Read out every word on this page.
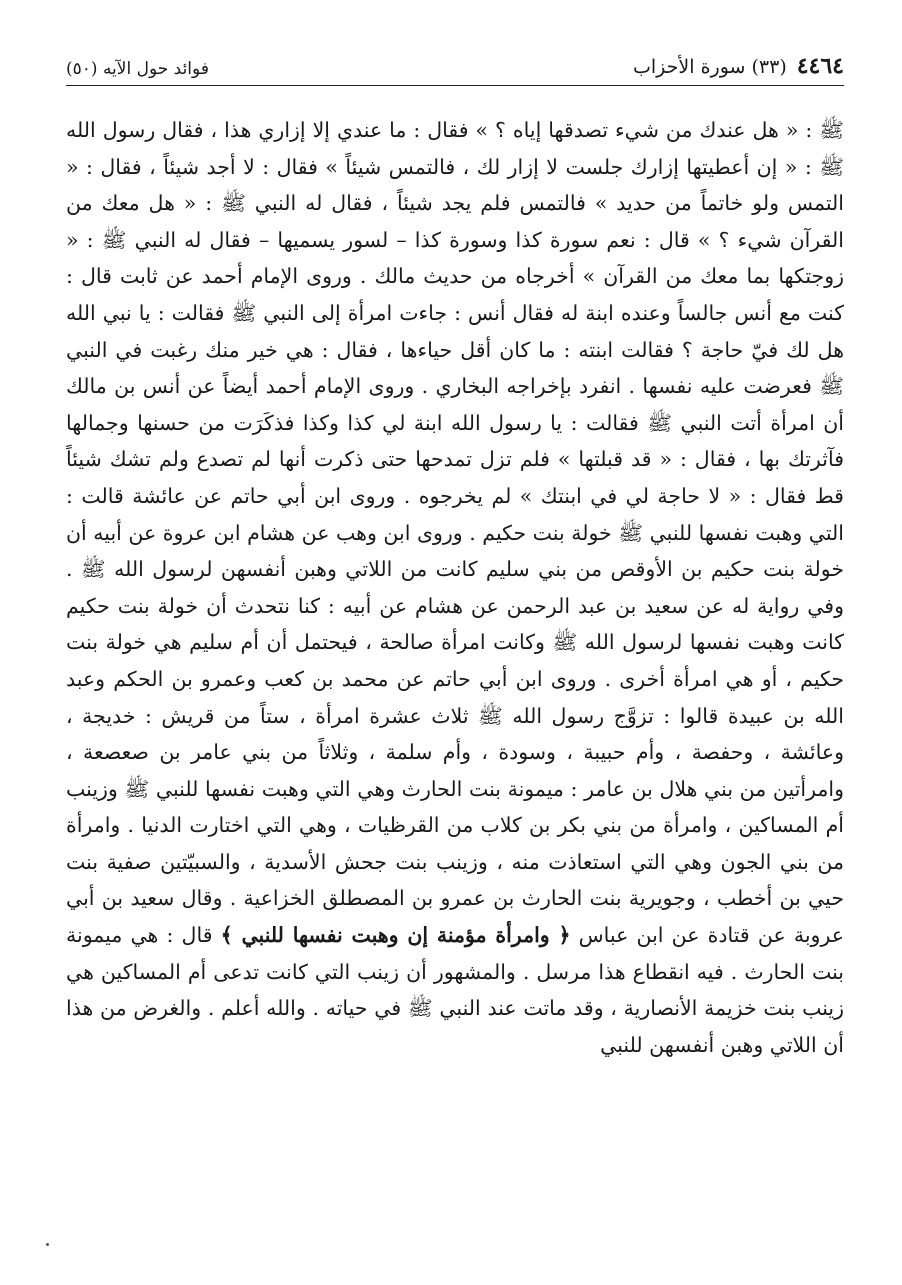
٤٤٦٤
(٣٣) سورة الأحزاب
فوائد حول الآيه (٥٠)

ﷺ : « هل عندك من شيء تصدقها إياه ؟ » فقال : ما عندي إلا إزاري هذا ، فقال رسول الله ﷺ : « إن أعطيتها إزارك جلست لا إزار لك ، فالتمس شيئاً » فقال : لا أجد شيئاً ، فقال : « التمس ولو خاتماً من حديد » فالتمس فلم يجد شيئاً ، فقال له النبي ﷺ : « هل معك من القرآن شيء ؟ » قال : نعم سورة كذا وسورة كذا – لسور يسميها – فقال له النبي ﷺ : « زوجتكها بما معك من القرآن » أخرجاه من حديث مالك . وروى الإمام أحمد عن ثابت قال : كنت مع أنس جالساً وعنده ابنة له فقال أنس : جاءت امرأة إلى النبي ﷺ فقالت : يا نبي الله هل لك فيّ حاجة ؟ فقالت ابنته : ما كان أقل حياءها ، فقال : هي خير منك رغبت في النبي ﷺ فعرضت عليه نفسها . انفرد بإخراجه البخاري . وروى الإمام أحمد أيضاً عن أنس بن مالك أن امرأة أتت النبي ﷺ فقالت : يا رسول الله ابنة لي كذا وكذا فذكَرَت من حسنها وجمالها فآثرتك بها ، فقال : « قد قبلتها » فلم تزل تمدحها حتى ذكرت أنها لم تصدع ولم تشك شيئاً قط فقال : « لا حاجة لي في ابنتك » لم يخرجوه . وروى ابن أبي حاتم عن عائشة قالت : التي وهبت نفسها للنبي ﷺ خولة بنت حكيم . وروى ابن وهب عن هشام ابن عروة عن أبيه أن خولة بنت حكيم بن الأوقص من بني سليم كانت من اللاتي وهبن أنفسهن لرسول الله ﷺ . وفي رواية له عن سعيد بن عبد الرحمن عن هشام عن أبيه : كنا نتحدث أن خولة بنت حكيم كانت وهبت نفسها لرسول الله ﷺ وكانت امرأة صالحة ، فيحتمل أن أم سليم هي خولة بنت حكيم ، أو هي امرأة أخرى . وروى ابن أبي حاتم عن محمد بن كعب وعمرو بن الحكم وعبد الله بن عبيدة قالوا : تزوَّج رسول الله ﷺ ثلاث عشرة امرأة ، ستاً من قريش : خديجة ، وعائشة ، وحفصة ، وأم حبيبة ، وسودة ، وأم سلمة ، وثلاثاً من بني عامر بن صعصعة ، وامرأتين من بني هلال بن عامر : ميمونة بنت الحارث وهي التي وهبت نفسها للنبي ﷺ وزينب أم المساكين ، وامرأة من بني بكر بن كلاب من القرظيات ، وهي التي اختارت الدنيا . وامرأة من بني الجون وهي التي استعاذت منه ، وزينب بنت جحش الأسدية ، والسبيّتين صفية بنت حيي بن أخطب ، وجويرية بنت الحارث بن عمرو بن المصطلق الخزاعية . وقال سعيد بن أبي عروبة عن قتادة عن ابن عباس ﴿ وامرأة مؤمنة إن وهبت نفسها للنبي ﴾ قال : هي ميمونة بنت الحارث . فيه انقطاع هذا مرسل . والمشهور أن زينب التي كانت تدعى أم المساكين هي زينب بنت خزيمة الأنصارية ، وقد ماتت عند النبي ﷺ في حياته . والله أعلم . والغرض من هذا أن اللاتي وهبن أنفسهن للنبي
